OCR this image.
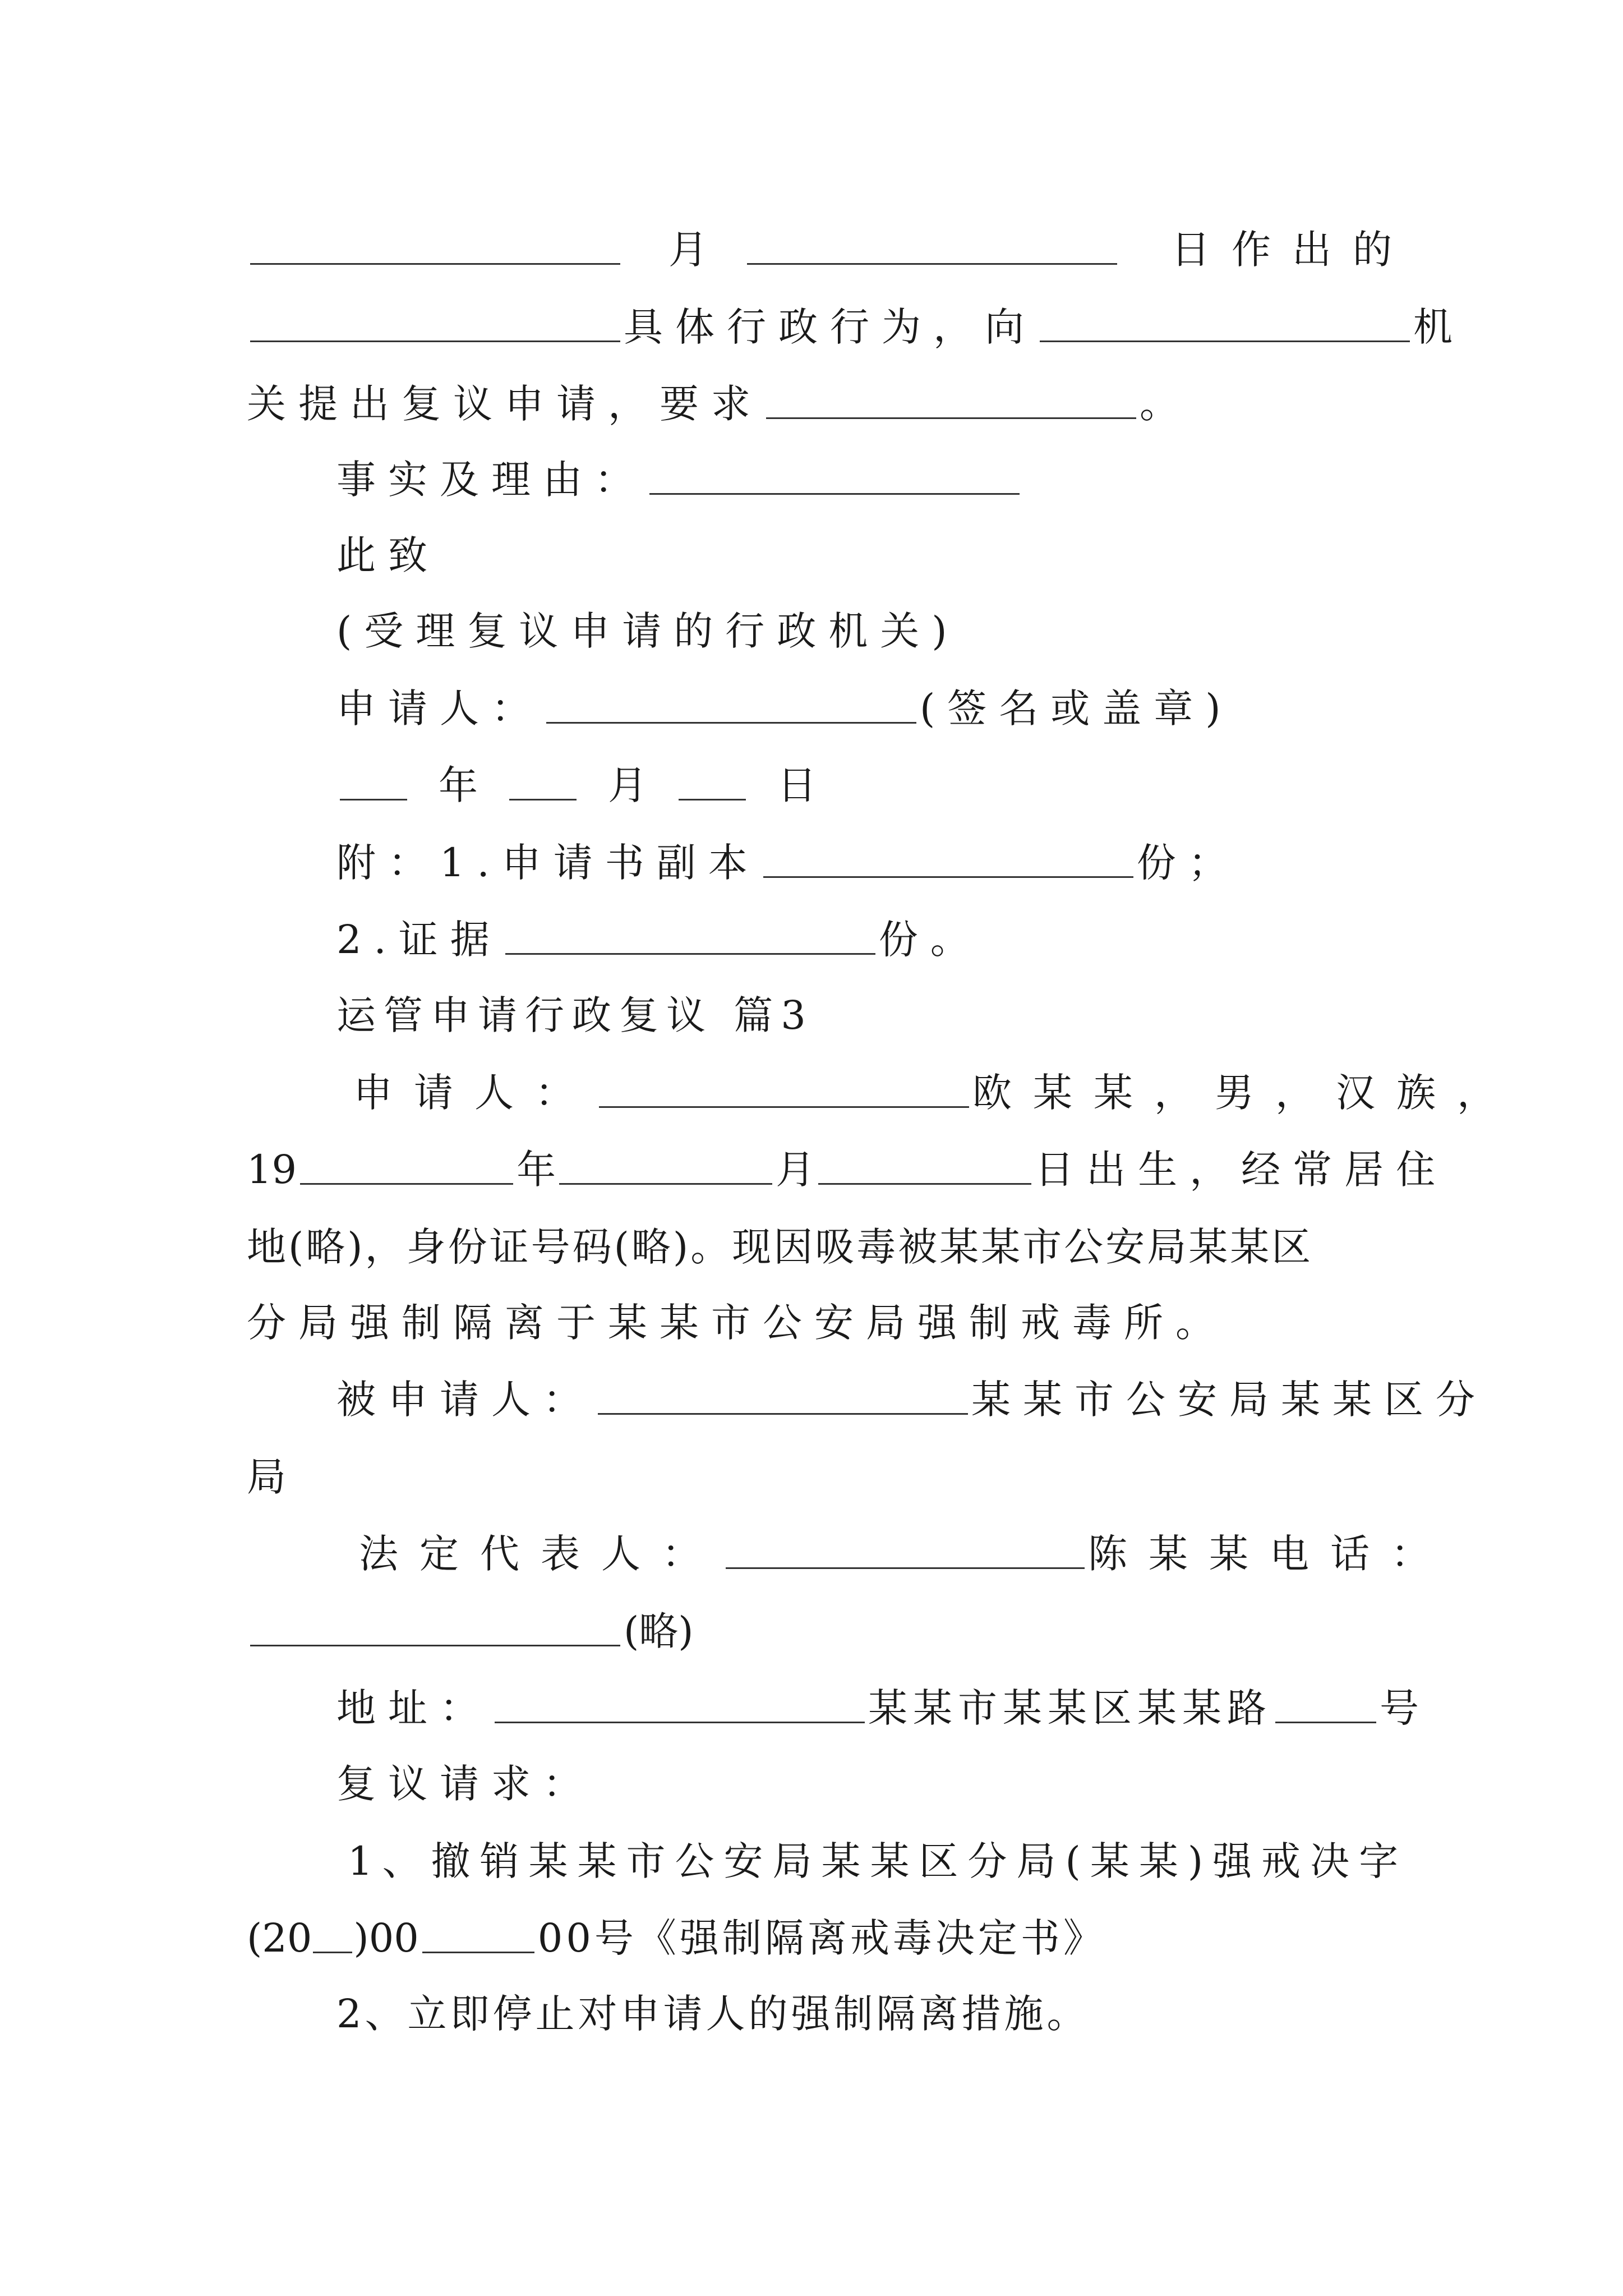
月	日作出的
具体行政行为，向	机
关提出复议申请，要求	。
事实及理由：
此致
(受理复议申请的行政机关)
申请人：	(签名或盖章)
年	月	日
附：1.申请书副本	份；
2.证据	份。
运管申请行政复议 篇3
申请人：	欧某某，男，汉族，
19	年	月	日出生，经常居住
地(略)，身份证号码(略)。现因吸毒被某某市公安局某某区
分局强制隔离于某某市公安局强制戒毒所。
被申请人：	某某市公安局某某区分
局
法定代表人：	陈某某电话：
(略)
地址：	某某市某某区某某路	号
复议请求：
1、撤销某某市公安局某某区分局(某某)强戒决字
(20 )00	00号《强制隔离戒毒决定书》
2、立即停止对申请人的强制隔离措施。
